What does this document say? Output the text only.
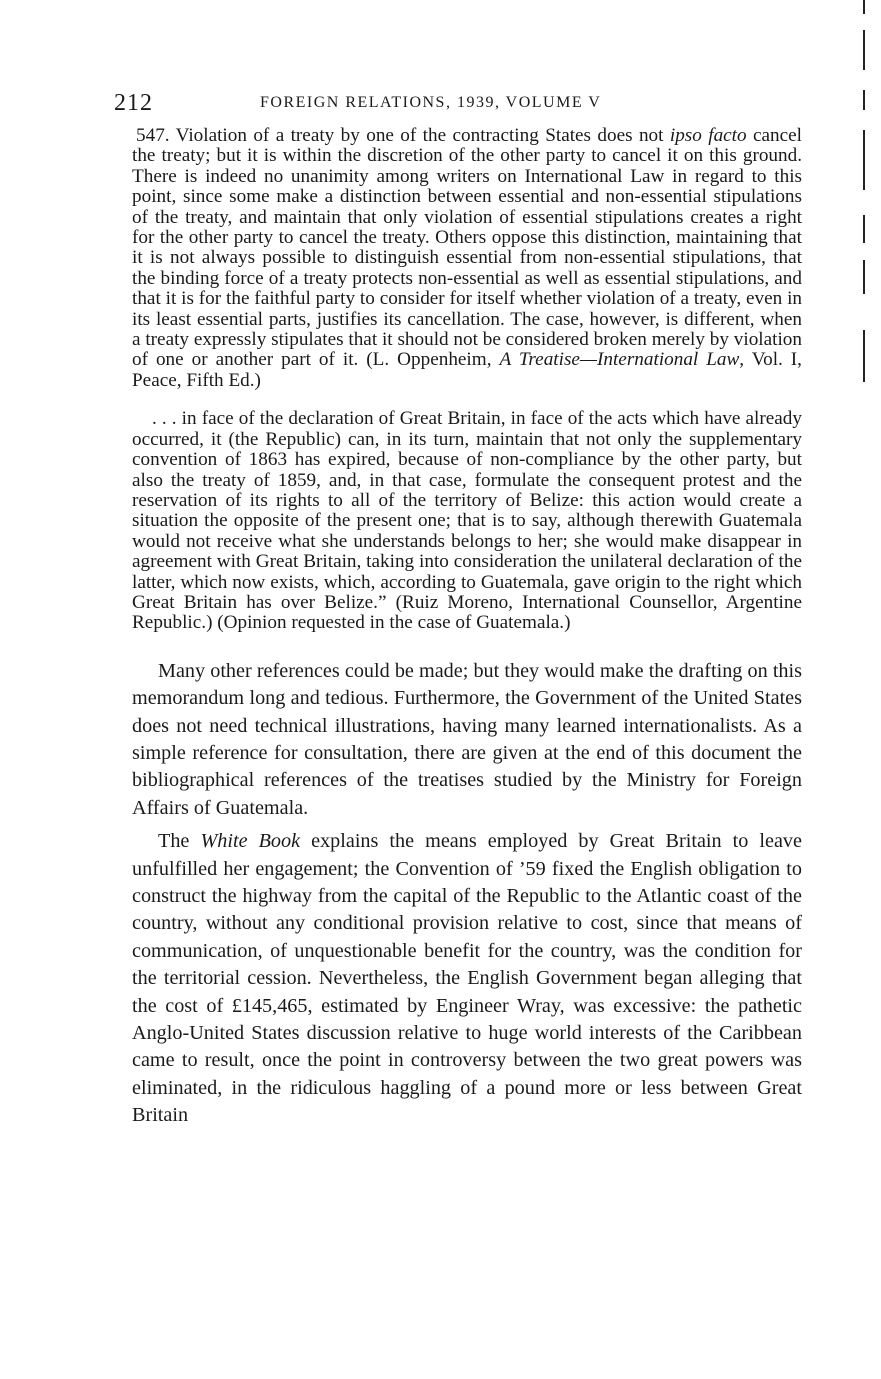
212	FOREIGN RELATIONS, 1939, VOLUME V

547. Violation of a treaty by one of the contracting States does not ipso facto cancel the treaty; but it is within the discretion of the other party to cancel it on this ground. There is indeed no unanimity among writers on International Law in regard to this point, since some make a distinction between essential and non-essential stipulations of the treaty, and maintain that only violation of essential stipulations creates a right for the other party to cancel the treaty. Others oppose this distinction, maintaining that it is not always possible to distinguish essential from non-essential stipulations, that the binding force of a treaty protects non-essential as well as essential stipulations, and that it is for the faithful party to consider for itself whether violation of a treaty, even in its least essential parts, justifies its cancellation. The case, however, is different, when a treaty expressly stipulates that it should not be considered broken merely by violation of one or another part of it. (L. Oppenheim, A Treatise—International Law, Vol. I, Peace, Fifth Ed.)

. . . in face of the declaration of Great Britain, in face of the acts which have already occurred, it (the Republic) can, in its turn, maintain that not only the supplementary convention of 1863 has expired, because of non-compliance by the other party, but also the treaty of 1859, and, in that case, formulate the consequent protest and the reservation of its rights to all of the territory of Belize: this action would create a situation the opposite of the present one; that is to say, although therewith Guatemala would not receive what she understands belongs to her; she would make disappear in agreement with Great Britain, taking into consideration the unilateral declaration of the latter, which now exists, which, according to Guatemala, gave origin to the right which Great Britain has over Belize.” (Ruiz Moreno, International Counsellor, Argentine Republic.) (Opinion requested in the case of Guatemala.)

Many other references could be made; but they would make the drafting on this memorandum long and tedious. Furthermore, the Government of the United States does not need technical illustrations, having many learned internationalists. As a simple reference for consultation, there are given at the end of this document the bibliographical references of the treatises studied by the Ministry for Foreign Affairs of Guatemala.

The White Book explains the means employed by Great Britain to leave unfulfilled her engagement; the Convention of ’59 fixed the English obligation to construct the highway from the capital of the Republic to the Atlantic coast of the country, without any conditional provision relative to cost, since that means of communication, of unquestionable benefit for the country, was the condition for the territorial cession. Nevertheless, the English Government began alleging that the cost of £145,465, estimated by Engineer Wray, was excessive: the pathetic Anglo-United States discussion relative to huge world interests of the Caribbean came to result, once the point in controversy between the two great powers was eliminated, in the ridiculous haggling of a pound more or less between Great Britain
